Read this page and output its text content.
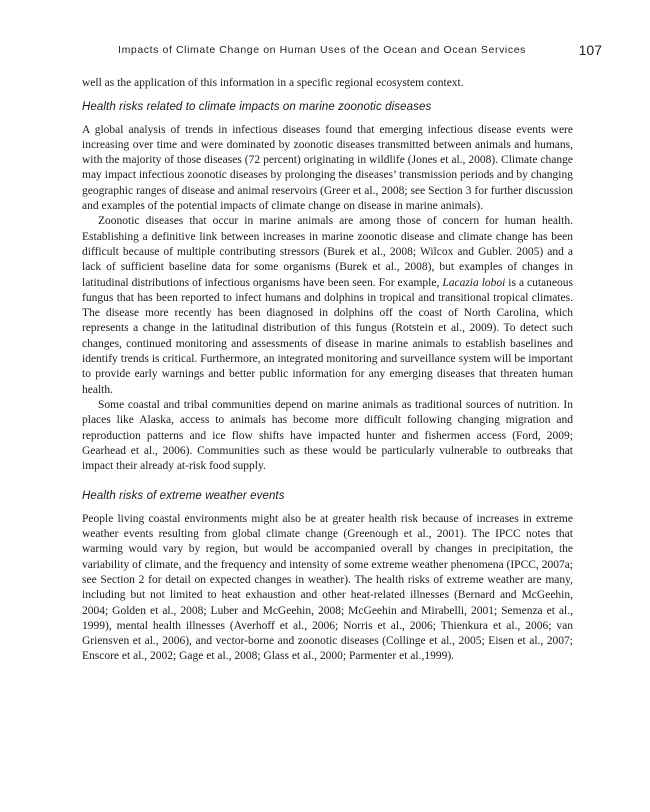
Impacts of Climate Change on Human Uses of the Ocean and Ocean Services	107

well as the application of this information in a specific regional ecosystem context.

Health risks related to climate impacts on marine zoonotic diseases

A global analysis of trends in infectious diseases found that emerging infectious disease events were increasing over time and were dominated by zoonotic diseases transmitted between animals and humans, with the majority of those diseases (72 percent) originating in wildlife (Jones et al., 2008). Climate change may impact infectious zoonotic diseases by prolonging the diseases’ transmission periods and by changing geographic ranges of disease and animal reservoirs (Greer et al., 2008; see Section 3 for further discussion and examples of the potential impacts of climate change on disease in marine animals).

Zoonotic diseases that occur in marine animals are among those of concern for human health. Establishing a definitive link between increases in marine zoonotic disease and climate change has been difficult because of multiple contributing stressors (Burek et al., 2008; Wilcox and Gubler. 2005) and a lack of sufficient baseline data for some organisms (Burek et al., 2008), but examples of changes in latitudinal distributions of infectious organisms have been seen. For example, Lacazia loboi is a cutaneous fungus that has been reported to infect humans and dolphins in tropical and transitional tropical climates. The disease more recently has been diagnosed in dolphins off the coast of North Carolina, which represents a change in the latitudinal distribution of this fungus (Rotstein et al., 2009). To detect such changes, continued monitoring and assessments of disease in marine animals to establish baselines and identify trends is critical. Furthermore, an integrated monitoring and surveillance system will be important to provide early warnings and better public information for any emerging diseases that threaten human health.

Some coastal and tribal communities depend on marine animals as traditional sources of nutrition. In places like Alaska, access to animals has become more difficult following changing migration and reproduction patterns and ice flow shifts have impacted hunter and fishermen access (Ford, 2009; Gearhead et al., 2006). Communities such as these would be particularly vulnerable to outbreaks that impact their already at-risk food supply.

Health risks of extreme weather events

People living coastal environments might also be at greater health risk because of increases in extreme weather events resulting from global climate change (Greenough et al., 2001). The IPCC notes that warming would vary by region, but would be accompanied overall by changes in precipitation, the variability of climate, and the frequency and intensity of some extreme weather phenomena (IPCC, 2007a; see Section 2 for detail on expected changes in weather). The health risks of extreme weather are many, including but not limited to heat exhaustion and other heat-related illnesses (Bernard and McGeehin, 2004; Golden et al., 2008; Luber and McGeehin, 2008; McGeehin and Mirabelli, 2001; Semenza et al., 1999), mental health illnesses (Averhoff et al., 2006; Norris et al., 2006; Thienkura et al., 2006; van Griensven et al., 2006), and vector-borne and zoonotic diseases (Collinge et al., 2005; Eisen et al., 2007; Enscore et al., 2002; Gage et al., 2008; Glass et al., 2000; Parmenter et al.,1999).
